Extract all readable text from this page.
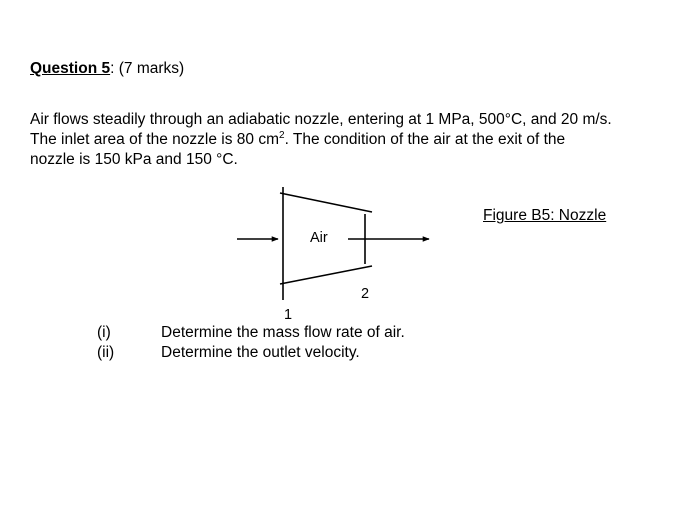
Question 5: (7 marks)

Air flows steadily through an adiabatic nozzle, entering at 1 MPa, 500°C, and 20 m/s.

The inlet area of the nozzle is 80 $cm^2$. The condition of the air at the exit of the

nozzle is 150 kPa and 150 °C.

Figure B5: Nozzle
Air
2
1
(i)	Determine the mass flow rate of air.
(ii)	Determine the outlet velocity.
